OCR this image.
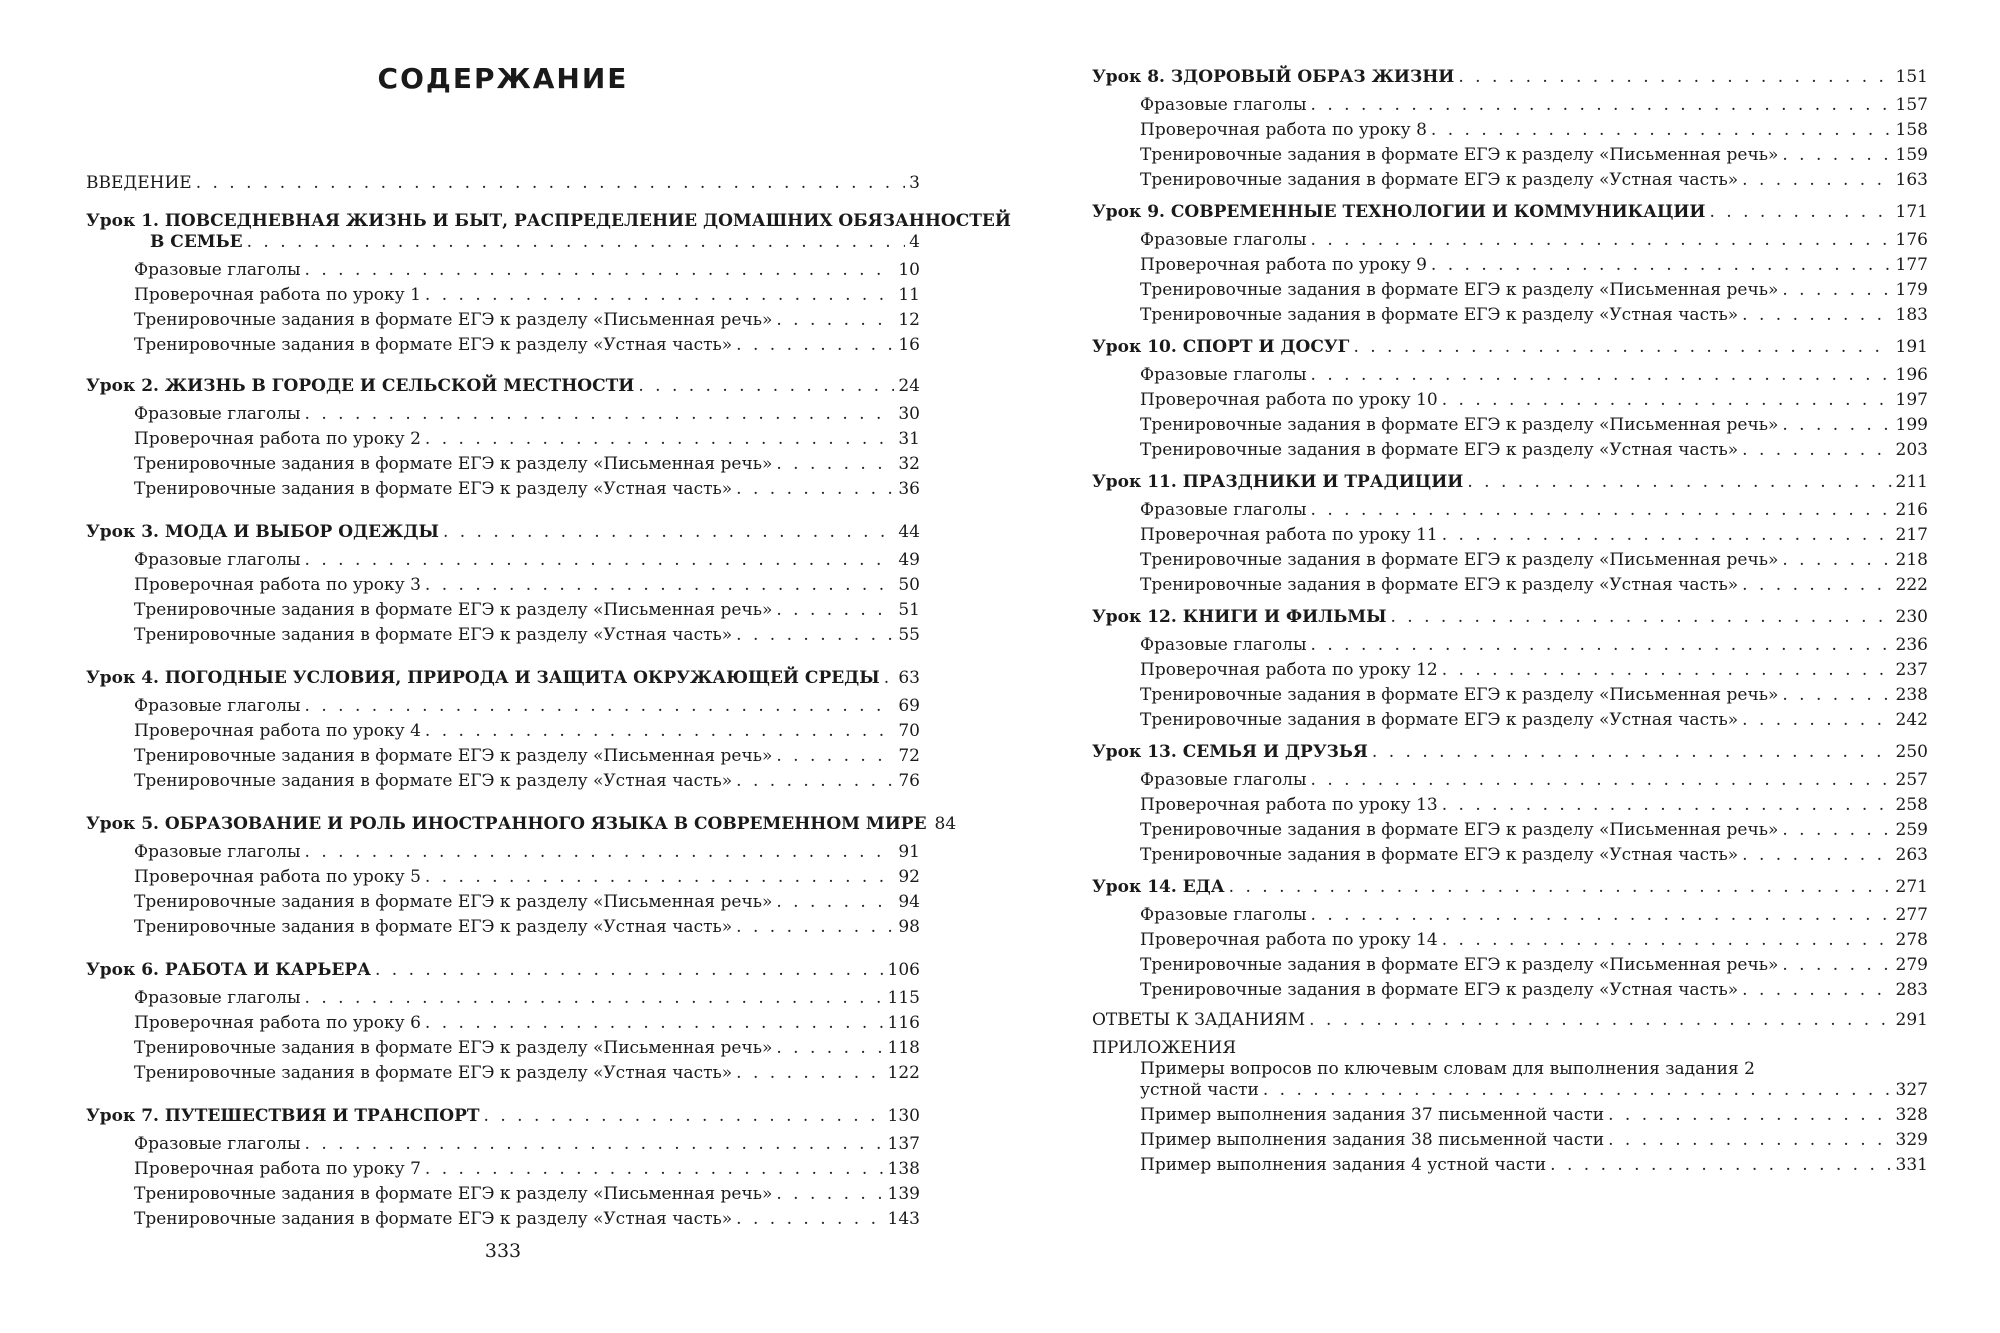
СОДЕРЖАНИЕ
ВВЕДЕНИЕ . . .	3
Урок 1. ПОВСЕДНЕВНАЯ ЖИЗНЬ И БЫТ, РАСПРЕДЕЛЕНИЕ ДОМАШНИХ ОБЯЗАННОСТЕЙ
В СЕМЬЕ . . .	4
Фразовые глаголы . . .	10
Проверочная работа по уроку 1 . . .	11
Тренировочные задания в формате ЕГЭ к разделу «Письменная речь» . . .	12
Тренировочные задания в формате ЕГЭ к разделу «Устная часть» . . .	16
Урок 2. ЖИЗНЬ В ГОРОДЕ И СЕЛЬСКОЙ МЕСТНОСТИ . . .	24
Фразовые глаголы . . .	30
Проверочная работа по уроку 2 . . .	31
Тренировочные задания в формате ЕГЭ к разделу «Письменная речь» . . .	32
Тренировочные задания в формате ЕГЭ к разделу «Устная часть» . . .	36
Урок 3. МОДА И ВЫБОР ОДЕЖДЫ . . .	44
Фразовые глаголы . . .	49
Проверочная работа по уроку 3 . . .	50
Тренировочные задания в формате ЕГЭ к разделу «Письменная речь» . . .	51
Тренировочные задания в формате ЕГЭ к разделу «Устная часть» . . .	55
Урок 4. ПОГОДНЫЕ УСЛОВИЯ, ПРИРОДА И ЗАЩИТА ОКРУЖАЮЩЕЙ СРЕДЫ . . . 63
Фразовые глаголы . . .	69
Проверочная работа по уроку 4 . . .	70
Тренировочные задания в формате ЕГЭ к разделу «Письменная речь» . . .	72
Тренировочные задания в формате ЕГЭ к разделу «Устная часть» . . .	76
Урок 5. ОБРАЗОВАНИЕ И РОЛЬ ИНОСТРАННОГО ЯЗЫКА В СОВРЕМЕННОМ МИРЕ 84
Фразовые глаголы . . .	91
Проверочная работа по уроку 5 . . .	92
Тренировочные задания в формате ЕГЭ к разделу «Письменная речь» . . .	94
Тренировочные задания в формате ЕГЭ к разделу «Устная часть» . . .	98
Урок 6. РАБОТА И КАРЬЕРА . . .	106
Фразовые глаголы . . .	115
Проверочная работа по уроку 6 . . .	116
Тренировочные задания в формате ЕГЭ к разделу «Письменная речь» . . .	118
Тренировочные задания в формате ЕГЭ к разделу «Устная часть» . . .	122
Урок 7. ПУТЕШЕСТВИЯ И ТРАНСПОРТ . . .	130
Фразовые глаголы . . .	137
Проверочная работа по уроку 7 . . .	138
Тренировочные задания в формате ЕГЭ к разделу «Письменная речь» . . .	139
Тренировочные задания в формате ЕГЭ к разделу «Устная часть» . . .	143
333
Урок 8. ЗДОРОВЫЙ ОБРАЗ ЖИЗНИ . . .	151
Фразовые глаголы . . .	157
Проверочная работа по уроку 8 . . .	158
Тренировочные задания в формате ЕГЭ к разделу «Письменная речь» . . .	159
Тренировочные задания в формате ЕГЭ к разделу «Устная часть» . . .	163
Урок 9. СОВРЕМЕННЫЕ ТЕХНОЛОГИИ И КОММУНИКАЦИИ . . .	171
Фразовые глаголы . . .	176
Проверочная работа по уроку 9 . . .	177
Тренировочные задания в формате ЕГЭ к разделу «Письменная речь» . . .	179
Тренировочные задания в формате ЕГЭ к разделу «Устная часть» . . .	183
Урок 10. СПОРТ И ДОСУГ . . .	191
Фразовые глаголы . . .	196
Проверочная работа по уроку 10 . . .	197
Тренировочные задания в формате ЕГЭ к разделу «Письменная речь» . . .	199
Тренировочные задания в формате ЕГЭ к разделу «Устная часть» . . .	203
Урок 11. ПРАЗДНИКИ И ТРАДИЦИИ . . .	211
Фразовые глаголы . . .	216
Проверочная работа по уроку 11 . . .	217
Тренировочные задания в формате ЕГЭ к разделу «Письменная речь» . . .	218
Тренировочные задания в формате ЕГЭ к разделу «Устная часть» . . .	222
Урок 12. КНИГИ И ФИЛЬМЫ . . .	230
Фразовые глаголы . . .	236
Проверочная работа по уроку 12 . . .	237
Тренировочные задания в формате ЕГЭ к разделу «Письменная речь» . . .	238
Тренировочные задания в формате ЕГЭ к разделу «Устная часть» . . .	242
Урок 13. СЕМЬЯ И ДРУЗЬЯ . . .	250
Фразовые глаголы . . .	257
Проверочная работа по уроку 13 . . .	258
Тренировочные задания в формате ЕГЭ к разделу «Письменная речь» . . .	259
Тренировочные задания в формате ЕГЭ к разделу «Устная часть» . . .	263
Урок 14. ЕДА . . .	271
Фразовые глаголы . . .	277
Проверочная работа по уроку 14 . . .	278
Тренировочные задания в формате ЕГЭ к разделу «Письменная речь» . . .	279
Тренировочные задания в формате ЕГЭ к разделу «Устная часть» . . .	283
ОТВЕТЫ К ЗАДАНИЯМ . . .	291
ПРИЛОЖЕНИЯ
Примеры вопросов по ключевым словам для выполнения задания 2
устной части . . .	327
Пример выполнения задания 37 письменной части . . .	328
Пример выполнения задания 38 письменной части . . .	329
Пример выполнения задания 4 устной части . . .	331
